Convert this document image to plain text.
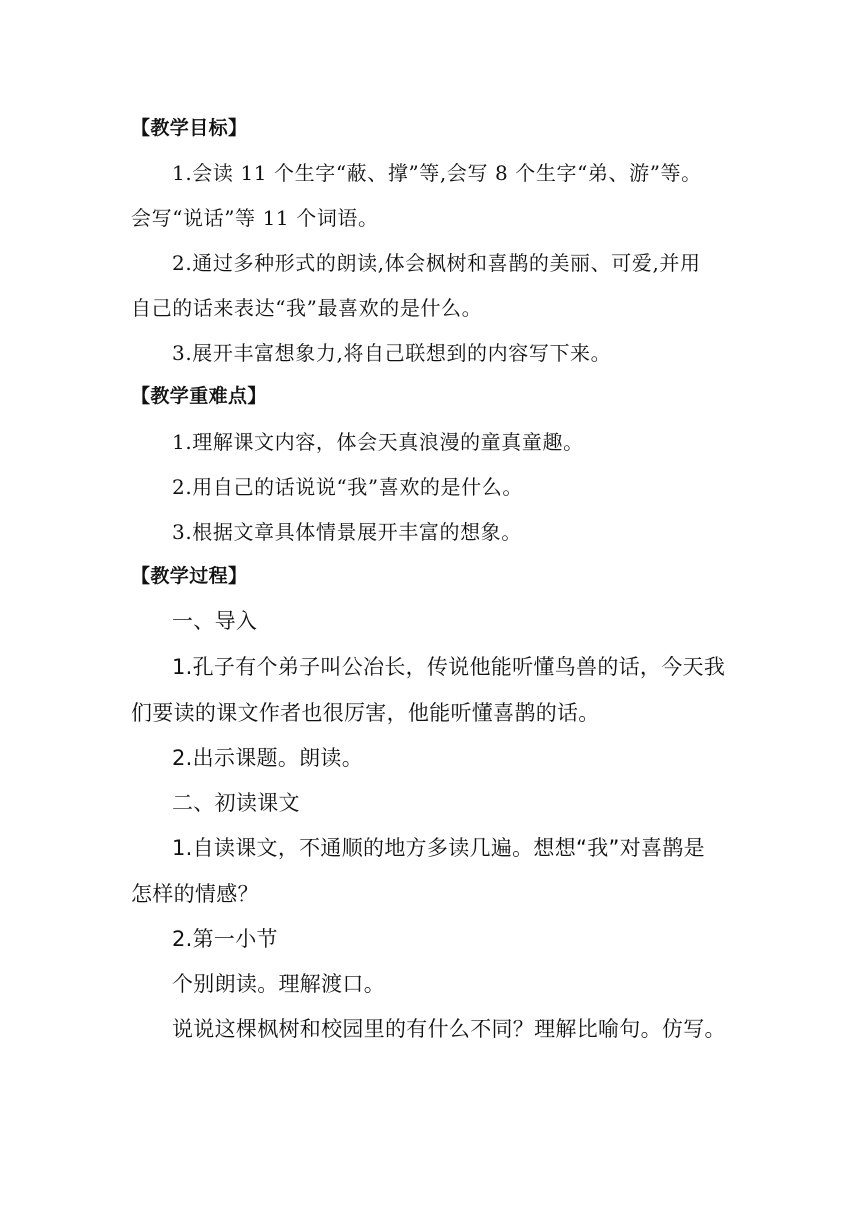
【教学目标】
1.会读 11 个生字“蔽、撑”等,会写 8 个生字“弟、游”等。
会写“说话”等 11 个词语。
2.通过多种形式的朗读,体会枫树和喜鹊的美丽、可爱,并用
自己的话来表达“我”最喜欢的是什么。
3.展开丰富想象力,将自己联想到的内容写下来。
【教学重难点】
1.理解课文内容，体会天真浪漫的童真童趣。
2.用自己的话说说“我”喜欢的是什么。
3.根据文章具体情景展开丰富的想象。
【教学过程】
一、导入
1.孔子有个弟子叫公冶长，传说他能听懂鸟兽的话，今天我
们要读的课文作者也很厉害，他能听懂喜鹊的话。
2.出示课题。朗读。
二、初读课文
1.自读课文，不通顺的地方多读几遍。想想“我”对喜鹊是
怎样的情感？
2.第一小节
个别朗读。理解渡口。
说说这棵枫树和校园里的有什么不同？理解比喻句。仿写。
